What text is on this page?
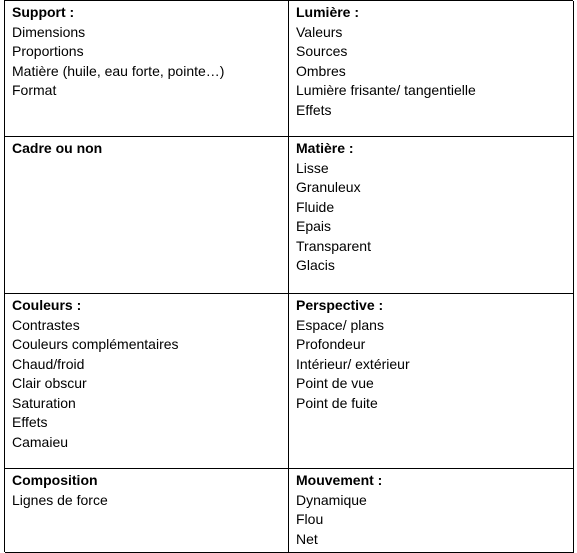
Support :

Dimensions

Proportions

Matière (huile, eau forte, pointe…)

Format

Lumière :

Valeurs

Sources

Ombres

Lumière frisante/ tangentielle

Effets

Cadre ou non	Matière :

Lisse

Granuleux

Fluide

Epais

Transparent

Glacis

Couleurs :

Contrastes

Couleurs complémentaires

Chaud/froid

Clair obscur

Saturation

Effets

Camaieu

Perspective :

Espace/ plans

Profondeur

Intérieur/ extérieur

Point de vue

Point de fuite

Composition

Lignes de force

Mouvement :

Dynamique

Flou

Net
